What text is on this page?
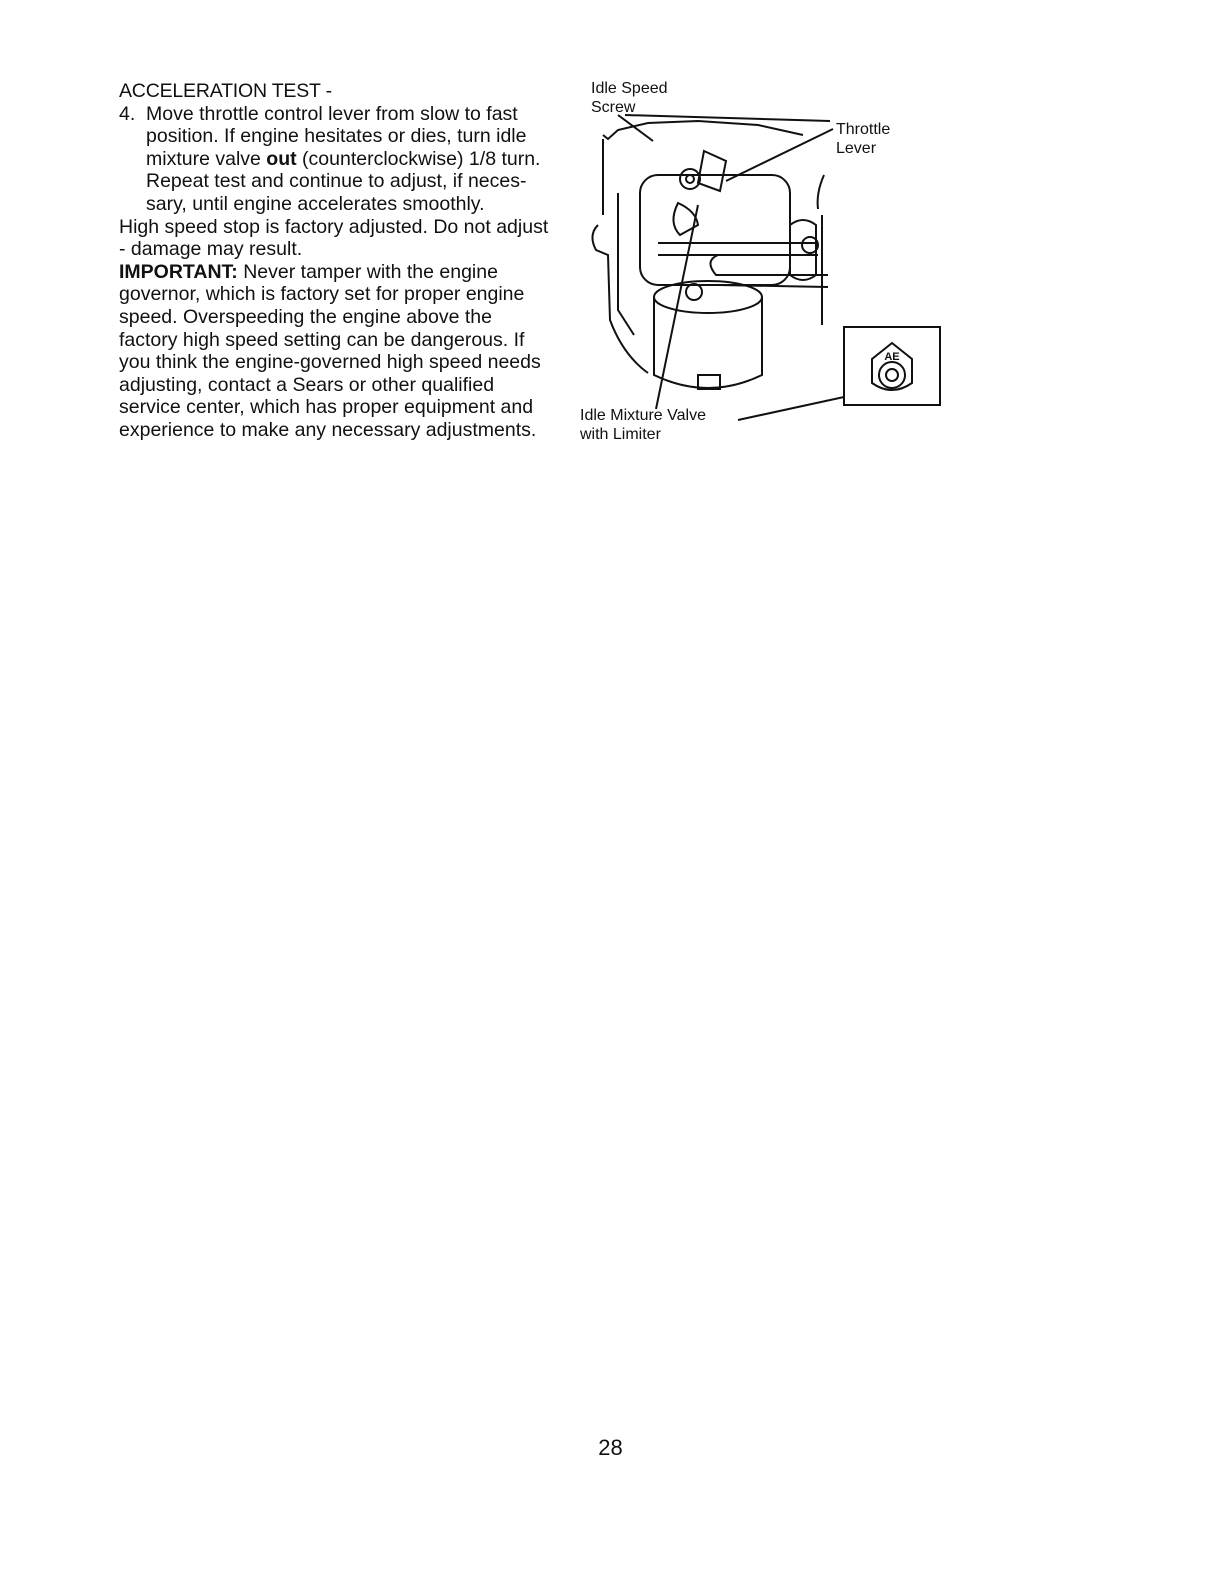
ACCELERATION TEST -

4. Move throttle control lever from slow to fast position. If engine hesitates or dies, turn idle mixture valve out (counterclockwise) 1/8 turn. Repeat test and continue to adjust, if neces-sary, until engine accelerates smoothly.

High speed stop is factory adjusted. Do not adjust - damage may result.

IMPORTANT: Never tamper with the engine governor, which is factory set for proper engine speed. Overspeeding the engine above the factory high speed setting can be dangerous. If you think the engine-governed high speed needs adjusting, contact a Sears or other qualified service center, which has proper equipment and experience to make any necessary adjustments.

Idle Speed
Screw
Throttle
Lever
Idle Mixture Valve
with Limiter
AE
28
